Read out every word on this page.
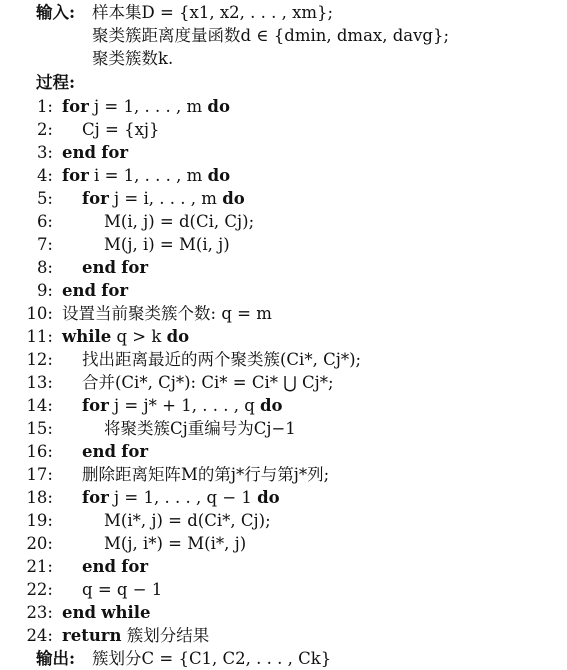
输入: 样本集D = {x1, x2, . . . , xm};
聚类簇距离度量函数d ∈ {dmin, dmax, davg};
聚类簇数k.
过程:
1: for j = 1, . . . , m do
2: Cj = {xj}
3: end for
4: for i = 1, . . . , m do
5: for j = i, . . . , m do
6:	M(i, j) = d(Ci, Cj);
7:	M(j, i) = M(i, j)
8: end for
9: end for
10: 设置当前聚类簇个数: q = m
11: while q > k do
12: 找出距离最近的两个聚类簇(Ci*, Cj*);
13: 合并(Ci*, Cj*): Ci* = Ci* ⋃ Cj*;
14: for j = j* + 1, . . . , q do
15:	将聚类簇Cj重编号为Cj−1
16: end for
17: 删除距离矩阵M的第j*行与第j*列;
18: for j = 1, . . . , q − 1 do
19:	M(i*, j) = d(Ci*, Cj);
20:	M(j, i*) = M(i*, j)
21: end for
22: q = q − 1
23: end while
24: return 簇划分结果
输出: 簇划分C = {C1, C2, . . . , Ck}
